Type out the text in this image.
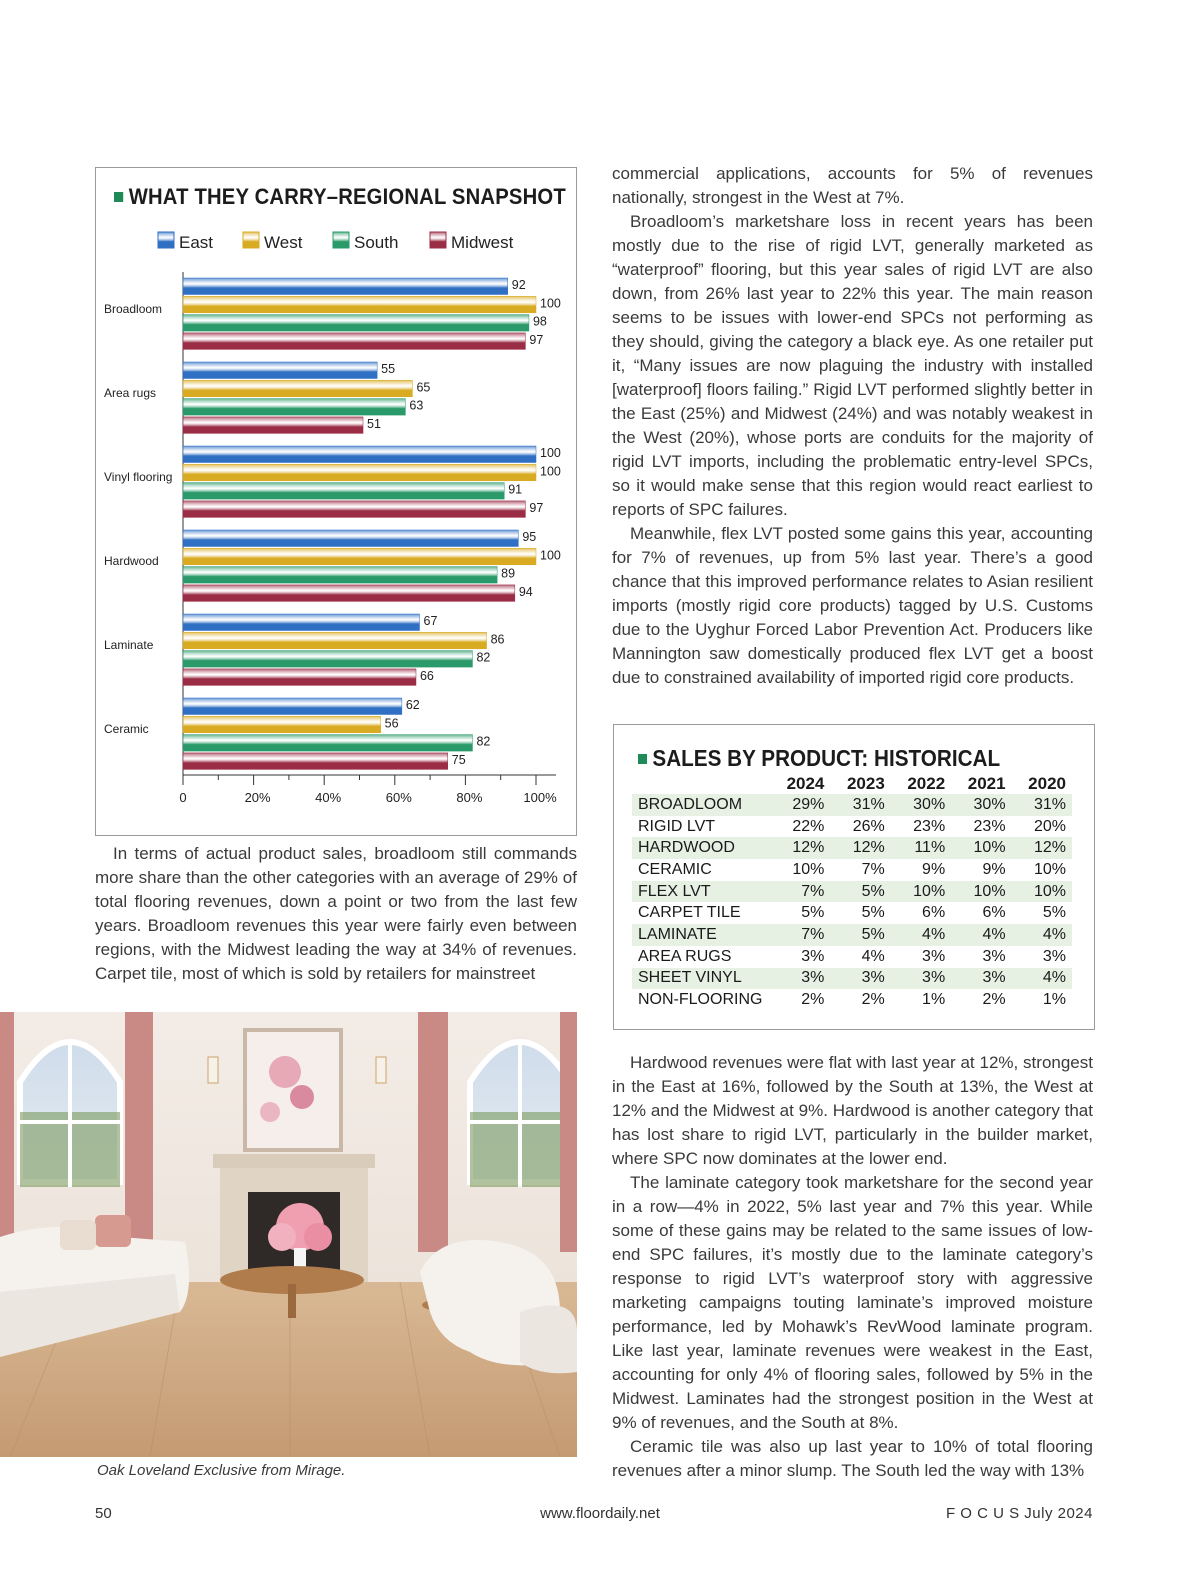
WHAT THEY CARRY–REGIONAL SNAPSHOT
East	West	South	Midwest
0	20%	40%	60%	80%	100%
Broadloom
92
100
98
97
Area rugs
55
65
63
51
Vinyl flooring
100
100
91
97
Hardwood
95
100
89
94
Laminate
67
86
82
66
Ceramic
62
56
82
75

In terms of actual product sales, broadloom still commands more share than the other categories with an average of 29% of total flooring revenues, down a point or two from the last few years. Broadloom revenues this year were fairly even between regions, with the Midwest leading the way at 34% of revenues. Carpet tile, most of which is sold by retailers for mainstreet

commercial applications, accounts for 5% of revenues nationally, strongest in the West at 7%.

Broadloom’s marketshare loss in recent years has been mostly due to the rise of rigid LVT, generally marketed as “waterproof” flooring, but this year sales of rigid LVT are also down, from 26% last year to 22% this year. The main reason seems to be issues with lower-end SPCs not performing as they should, giving the category a black eye. As one retailer put it, “Many issues are now plaguing the industry with installed [waterproof] floors failing.” Rigid LVT performed slightly better in the East (25%) and Midwest (24%) and was notably weakest in the West (20%), whose ports are conduits for the majority of rigid LVT imports, including the problematic entry-level SPCs, so it would make sense that this region would react earliest to reports of SPC failures.

Meanwhile, flex LVT posted some gains this year, accounting for 7% of revenues, up from 5% last year. There’s a good chance that this improved performance relates to Asian resilient imports (mostly rigid core products) tagged by U.S. Customs due to the Uyghur Forced Labor Prevention Act. Producers like Mannington saw domestically produced flex LVT get a boost due to constrained availability of imported rigid core products.

SALES BY PRODUCT: HISTORICAL
	2024	2023	2022	2021	2020
BROADLOOM	29%	31%	30%	30%	31%
RIGID LVT	22%	26%	23%	23%	20%
HARDWOOD	12%	12%	11%	10%	12%
CERAMIC	10%	7%	9%	9%	10%
FLEX LVT	7%	5%	10%	10%	10%
CARPET TILE	5%	5%	6%	6%	5%
LAMINATE	7%	5%	4%	4%	4%
AREA RUGS	3%	4%	3%	3%	3%
SHEET VINYL	3%	3%	3%	3%	4%
NON-FLOORING	2%	2%	1%	2%	1%

Hardwood revenues were flat with last year at 12%, strongest in the East at 16%, followed by the South at 13%, the West at 12% and the Midwest at 9%. Hardwood is another category that has lost share to rigid LVT, particularly in the builder market, where SPC now dominates at the lower end.

The laminate category took marketshare for the second year in a row—4% in 2022, 5% last year and 7% this year. While some of these gains may be related to the same issues of low-end SPC failures, it’s mostly due to the laminate category’s response to rigid LVT’s waterproof story with aggressive marketing campaigns touting laminate’s improved moisture performance, led by Mohawk’s RevWood laminate program. Like last year, laminate revenues were weakest in the East, accounting for only 4% of flooring sales, followed by 5% in the Midwest. Laminates had the strongest position in the West at 9% of revenues, and the South at 8%.

Ceramic tile was also up last year to 10% of total flooring revenues after a minor slump. The South led the way with 13%

Oak Loveland Exclusive from Mirage.
50	www.floordaily.net	F O C U S July 2024
